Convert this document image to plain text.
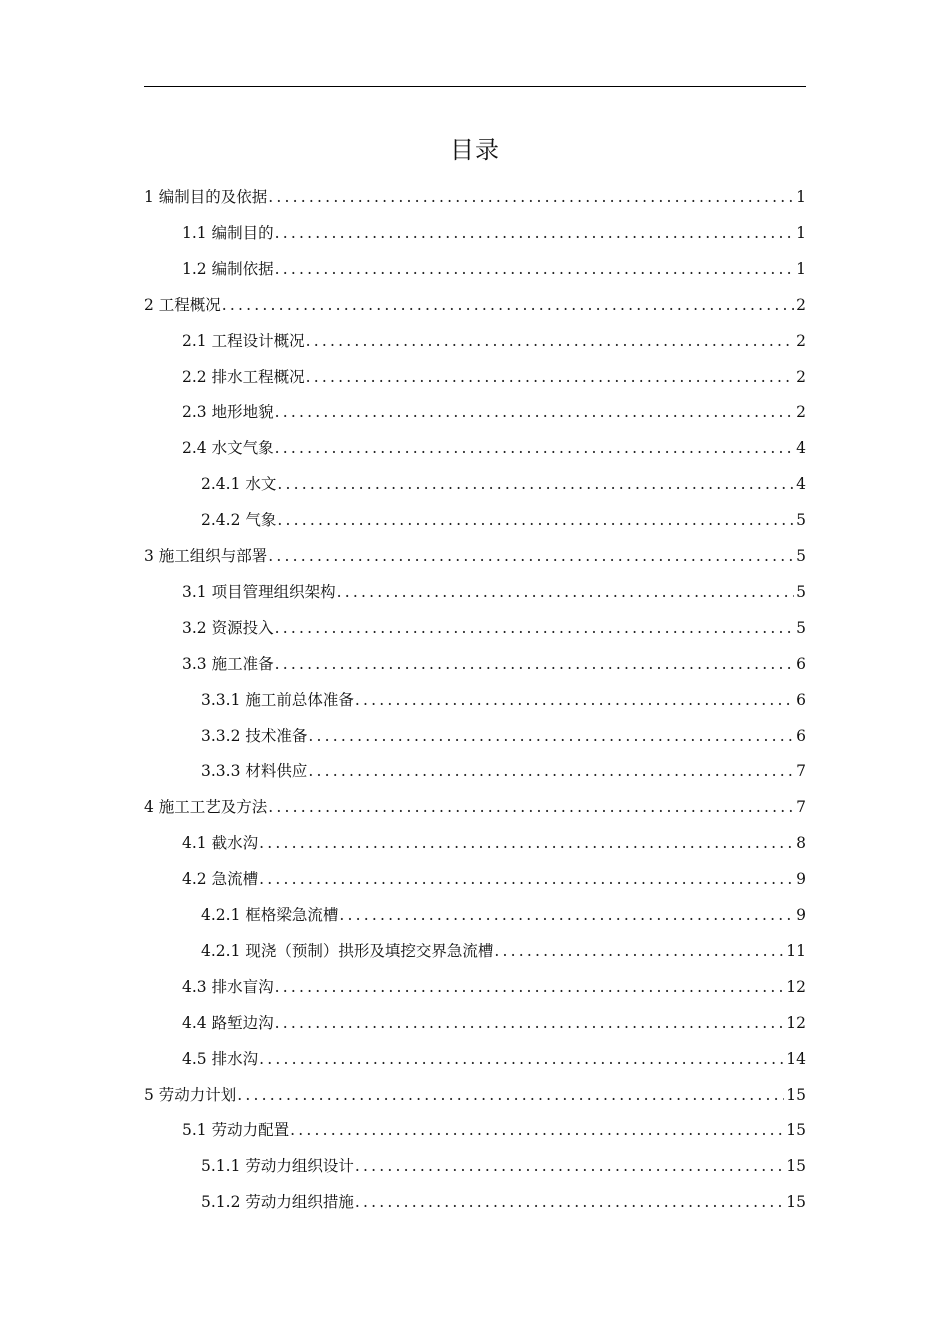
目录
1 编制目的及依据 .....	1
1.1 编制目的 .....	1
1.2 编制依据 .....	1
2 工程概况 .....	2
2.1 工程设计概况 .....	2
2.2 排水工程概况 .....	2
2.3 地形地貌 .....	2
2.4 水文气象 .....	4
2.4.1 水文 .....	4
2.4.2 气象 .....	5
3 施工组织与部署 .....	5
3.1 项目管理组织架构 .....	5
3.2 资源投入 .....	5
3.3 施工准备 .....	6
3.3.1 施工前总体准备 .....	6
3.3.2 技术准备 .....	6
3.3.3 材料供应 .....	7
4 施工工艺及方法 .....	7
4.1 截水沟 .....	8
4.2 急流槽 .....	9
4.2.1 框格梁急流槽 .....	9
4.2.1 现浇（预制）拱形及填挖交界急流槽 .....	11
4.3 排水盲沟 .....	12
4.4 路堑边沟 .....	12
4.5 排水沟 .....	14
5 劳动力计划 .....	15
5.1 劳动力配置 .....	15
5.1.1 劳动力组织设计 .....	15
5.1.2 劳动力组织措施 .....	15
